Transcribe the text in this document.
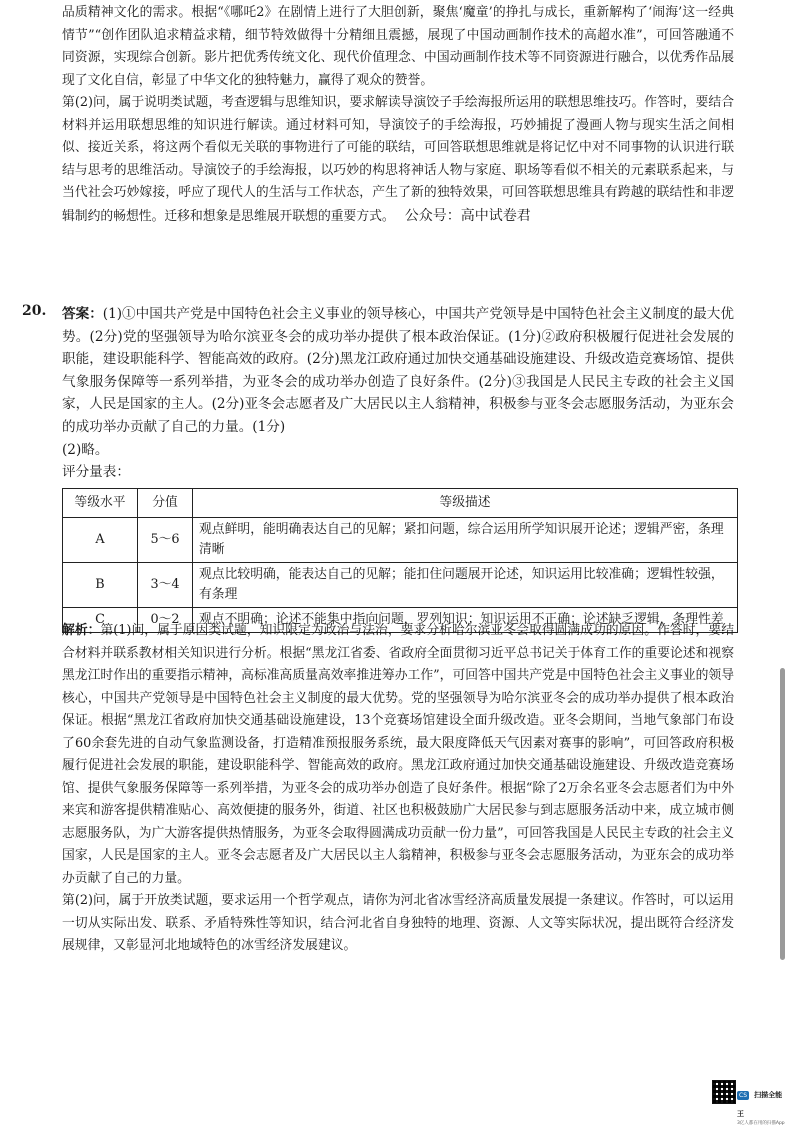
品质精神文化的需求。根据“《哪吒2》在剧情上进行了大胆创新，聚焦‘魔童’的挣扎与成长，重新解构了‘闹海’这一经典情节”“创作团队追求精益求精，细节特效做得十分精细且震撼，展现了中国动画制作技术的高超水准”，可回答融通不同资源，实现综合创新。影片把优秀传统文化、现代价值理念、中国动画制作技术等不同资源进行融合，以优秀作品展现了文化自信，彰显了中华文化的独特魅力，赢得了观众的赞誉。

第(2)问，属于说明类试题，考查逻辑与思维知识，要求解读导演饺子手绘海报所运用的联想思维技巧。作答时，要结合材料并运用联想思维的知识进行解读。通过材料可知，导演饺子的手绘海报，巧妙捕捉了漫画人物与现实生活之间相似、接近关系，将这两个看似无关联的事物进行了可能的联结，可回答联想思维就是将记忆中对不同事物的认识进行联结与思考的思维活动。导演饺子的手绘海报，以巧妙的构思将神话人物与家庭、职场等看似不相关的元素联系起来，与当代社会巧妙嫁接，呼应了现代人的生活与工作状态，产生了新的独特效果，可回答联想思维具有跨越的联结性和非逻辑制约的畅想性。迁移和想象是思维展开联想的重要方式。 公众号：高中试卷君

20. 答案：(1)①中国共产党是中国特色社会主义事业的领导核心，中国共产党领导是中国特色社会主义制度的最大优势。(2分)党的坚强领导为哈尔滨亚冬会的成功举办提供了根本政治保证。(1分)②政府积极履行促进社会发展的职能，建设职能科学、智能高效的政府。(2分)黑龙江政府通过加快交通基础设施建设、升级改造竞赛场馆、提供气象服务保障等一系列举措，为亚冬会的成功举办创造了良好条件。(2分)③我国是人民民主专政的社会主义国家，人民是国家的主人。(2分)亚冬会志愿者及广大居民以主人翁精神，积极参与亚冬会志愿服务活动，为亚东会的成功举办贡献了自己的力量。(1分)

(2)略。

评分量表：

等级水平	分值	等级描述
A	5～6	观点鲜明，能明确表达自己的见解；紧扣问题，综合运用所学知识展开论述；逻辑严密，条理清晰
B	3～4	观点比较明确，能表达自己的见解；能扣住问题展开论述，知识运用比较准确；逻辑性较强，有条理
C	0～2	观点不明确；论述不能集中指向问题，罗列知识；知识运用不正确；论述缺乏逻辑，条理性差

解析：第(1)问，属于原因类试题，知识限定为政治与法治，要求分析哈尔滨亚冬会取得圆满成功的原因。作答时，要结合材料并联系教材相关知识进行分析。根据“黑龙江省委、省政府全面贯彻习近平总书记关于体育工作的重要论述和视察黑龙江时作出的重要指示精神，高标准高质量高效率推进筹办工作”，可回答中国共产党是中国特色社会主义事业的领导核心，中国共产党领导是中国特色社会主义制度的最大优势。党的坚强领导为哈尔滨亚冬会的成功举办提供了根本政治保证。根据“黑龙江省政府加快交通基础设施建设，13个竞赛场馆建设全面升级改造。亚冬会期间，当地气象部门布设了60余套先进的自动气象监测设备，打造精准预报服务系统，最大限度降低天气因素对赛事的影响”，可回答政府积极履行促进社会发展的职能，建设职能科学、智能高效的政府。黑龙江政府通过加快交通基础设施建设、升级改造竞赛场馆、提供气象服务保障等一系列举措，为亚冬会的成功举办创造了良好条件。根据“除了2万余名亚冬会志愿者们为中外来宾和游客提供精准贴心、高效便捷的服务外，街道、社区也积极鼓励广大居民参与到志愿服务活动中来，成立城市侧志愿服务队，为广大游客提供热情服务，为亚冬会取得圆满成功贡献一份力量”，可回答我国是人民民主专政的社会主义国家，人民是国家的主人。亚冬会志愿者及广大居民以主人翁精神，积极参与亚冬会志愿服务活动，为亚东会的成功举办贡献了自己的力量。

第(2)问，属于开放类试题，要求运用一个哲学观点，请你为河北省冰雪经济高质量发展提一条建议。作答时，可以运用一切从实际出发、联系、矛盾特殊性等知识，结合河北省自身独特的地理、资源、人文等实际状况，提出既符合经济发展规律，又彰显河北地域特色的冰雪经济发展建议。

CS 扫描全能王
3亿人都在用的扫描App
